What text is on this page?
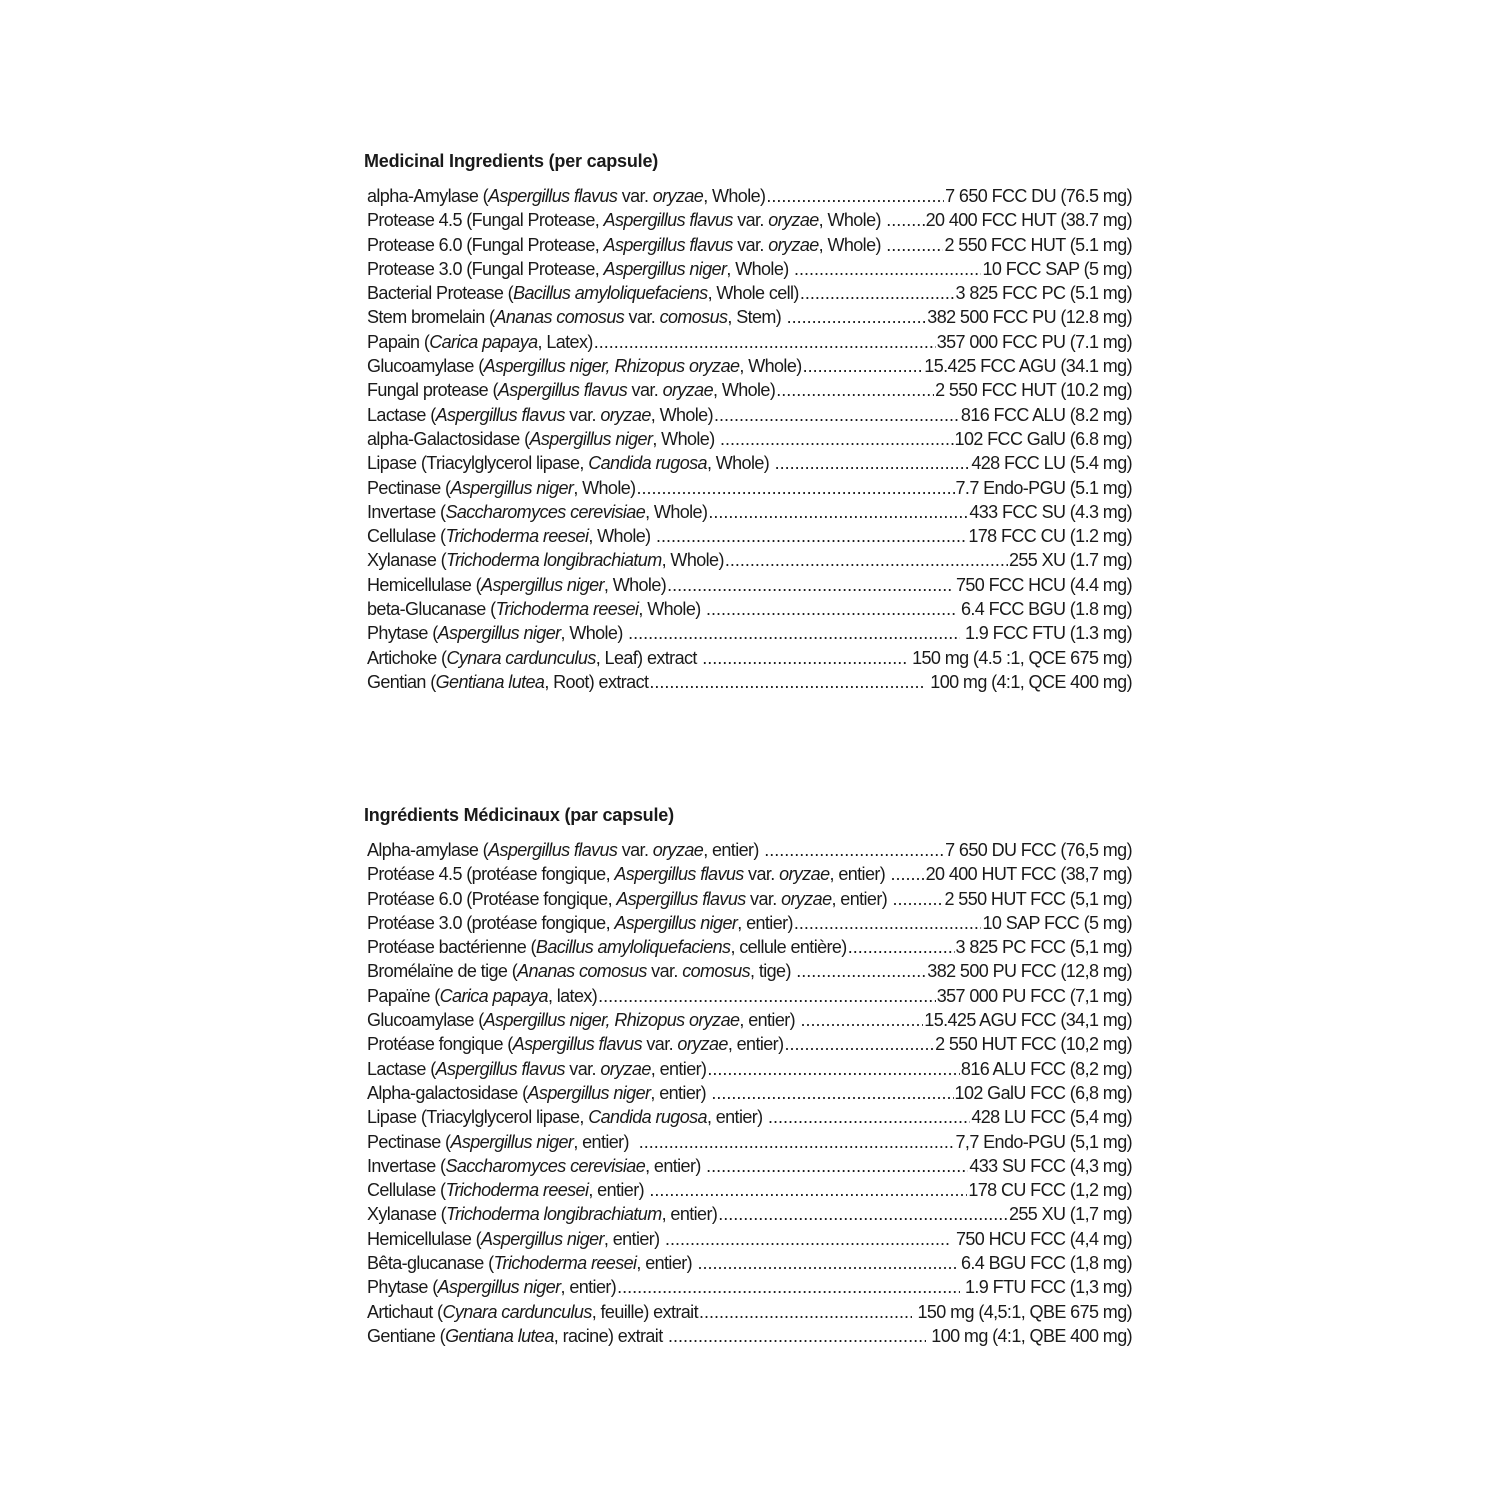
Medicinal Ingredients (per capsule)
alpha-Amylase (Aspergillus flavus var. oryzae, Whole) .....	7 650 FCC DU (76.5 mg)
Protease 4.5 (Fungal Protease, Aspergillus flavus var. oryzae, Whole) ..... 20 400 FCC HUT (38.7 mg)
Protease 6.0 (Fungal Protease, Aspergillus flavus var. oryzae, Whole) .....	2 550 FCC HUT (5.1 mg)
Protease 3.0 (Fungal Protease, Aspergillus niger, Whole) .....	10 FCC SAP (5 mg)
Bacterial Protease (Bacillus amyloliquefaciens, Whole cell) .....	3 825 FCC PC (5.1 mg)
Stem bromelain (Ananas comosus var. comosus, Stem) .....	382 500 FCC PU (12.8 mg)
Papain (Carica papaya, Latex) .....	357 000 FCC PU (7.1 mg)
Glucoamylase (Aspergillus niger, Rhizopus oryzae, Whole) .....	15.425 FCC AGU (34.1 mg)
Fungal protease (Aspergillus flavus var. oryzae, Whole) .....	2 550 FCC HUT (10.2 mg)
Lactase (Aspergillus flavus var. oryzae, Whole) .....	816 FCC ALU (8.2 mg)
alpha-Galactosidase (Aspergillus niger, Whole) .....	102 FCC GalU (6.8 mg)
Lipase (Triacylglycerol lipase, Candida rugosa, Whole) .....	428 FCC LU (5.4 mg)
Pectinase (Aspergillus niger, Whole) .....	7.7 Endo-PGU (5.1 mg)
Invertase (Saccharomyces cerevisiae, Whole) .....	433 FCC SU (4.3 mg)
Cellulase (Trichoderma reesei, Whole) .....	178 FCC CU (1.2 mg)
Xylanase (Trichoderma longibrachiatum, Whole) .....	255 XU (1.7 mg)
Hemicellulase (Aspergillus niger, Whole) .....	750 FCC HCU (4.4 mg)
beta-Glucanase (Trichoderma reesei, Whole) .....	6.4 FCC BGU (1.8 mg)
Phytase (Aspergillus niger, Whole) .....	1.9 FCC FTU (1.3 mg)
Artichoke (Cynara cardunculus, Leaf) extract .....	150 mg (4.5 :1, QCE 675 mg)
Gentian (Gentiana lutea, Root) extract .....	100 mg (4:1, QCE 400 mg)
Ingrédients Médicinaux (par capsule)
Alpha-amylase (Aspergillus flavus var. oryzae, entier) .....	7 650 DU FCC (76,5 mg)
Protéase 4.5 (protéase fongique, Aspergillus flavus var. oryzae, entier) ..... 20 400 HUT FCC (38,7 mg)
Protéase 6.0 (Protéase fongique, Aspergillus flavus var. oryzae, entier) .....	2 550 HUT FCC (5,1 mg)
Protéase 3.0 (protéase fongique, Aspergillus niger, entier) .....	10 SAP FCC (5 mg)
Protéase bactérienne (Bacillus amyloliquefaciens, cellule entière) .....	3 825 PC FCC (5,1 mg)
Bromélaïne de tige (Ananas comosus var. comosus, tige) .....	382 500 PU FCC (12,8 mg)
Papaïne (Carica papaya, latex) .....	357 000 PU FCC (7,1 mg)
Glucoamylase (Aspergillus niger, Rhizopus oryzae, entier) .....	15.425 AGU FCC (34,1 mg)
Protéase fongique (Aspergillus flavus var. oryzae, entier) .....	2 550 HUT FCC (10,2 mg)
Lactase (Aspergillus flavus var. oryzae, entier) .....	816 ALU FCC (8,2 mg)
Alpha-galactosidase (Aspergillus niger, entier) .....	102 GalU FCC (6,8 mg)
Lipase (Triacylglycerol lipase, Candida rugosa, entier) .....	428 LU FCC (5,4 mg)
Pectinase (Aspergillus niger, entier) .....	7,7 Endo-PGU (5,1 mg)
Invertase (Saccharomyces cerevisiae, entier) .....	433 SU FCC (4,3 mg)
Cellulase (Trichoderma reesei, entier) .....	178 CU FCC (1,2 mg)
Xylanase (Trichoderma longibrachiatum, entier) .....	255 XU (1,7 mg)
Hemicellulase (Aspergillus niger, entier) .....	750 HCU FCC (4,4 mg)
Bêta-glucanase (Trichoderma reesei, entier) .....	6.4 BGU FCC (1,8 mg)
Phytase (Aspergillus niger, entier) .....	1.9 FTU FCC (1,3 mg)
Artichaut (Cynara cardunculus, feuille) extrait .....	150 mg (4,5:1, QBE 675 mg)
Gentiane (Gentiana lutea, racine) extrait .....	100 mg (4:1, QBE 400 mg)
